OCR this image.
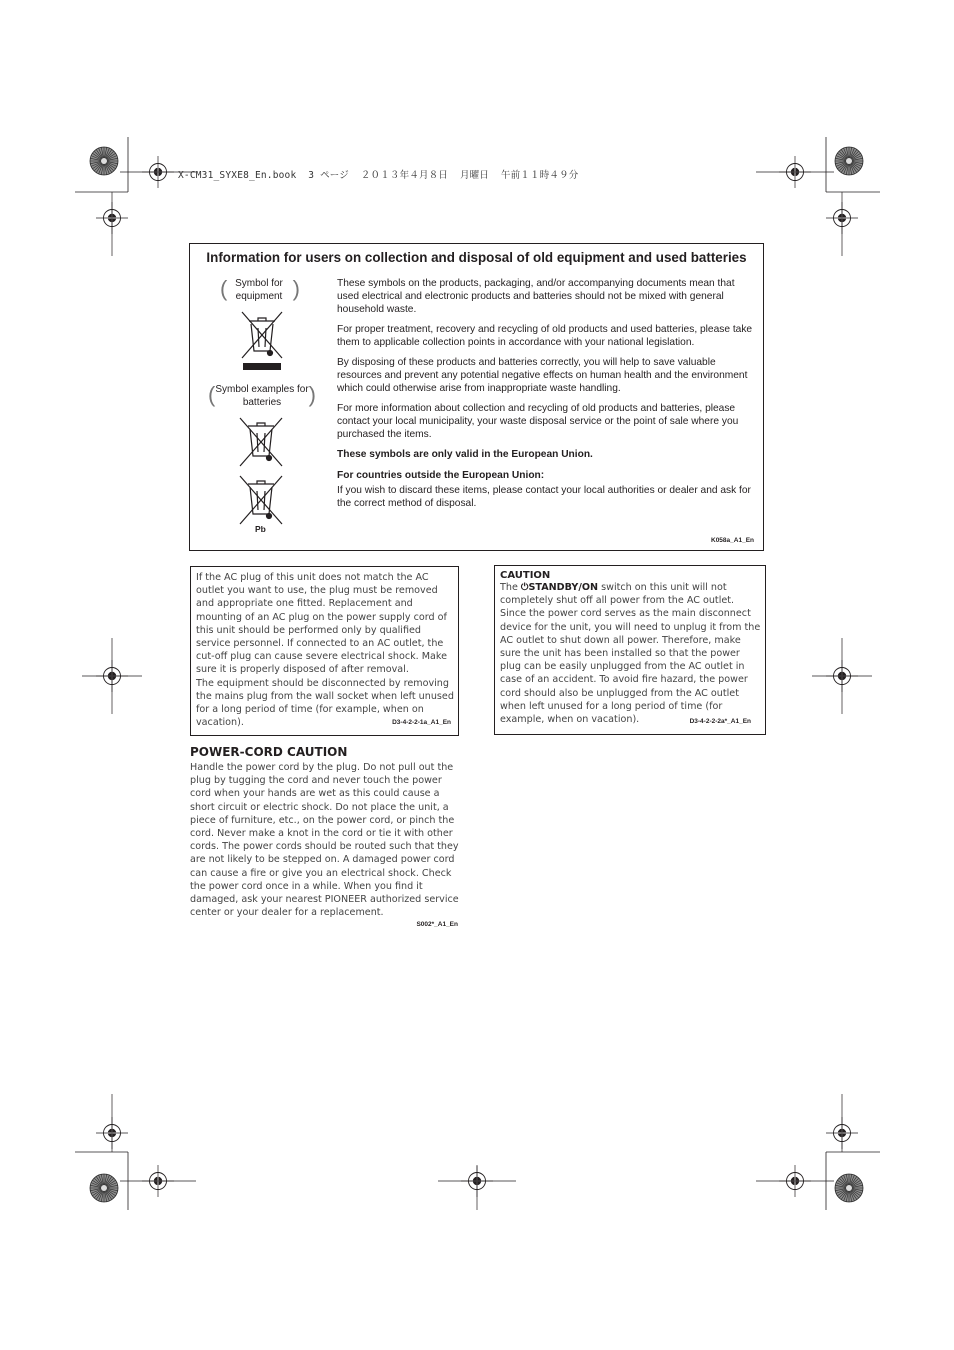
X-CM31_SYXE8_En.book  3 ページ  ２０１３年４月８日  月曜日  午前１１時４９分
Information for users on collection and disposal of old equipment and used batteries
( Symbol for equipment )
( Symbol examples for batteries )
Pb

These symbols on the products, packaging, and/or accompanying documents mean that used electrical and electronic products and batteries should not be mixed with general household waste.

For proper treatment, recovery and recycling of old products and used batteries, please take them to applicable collection points in accordance with your national legislation.

By disposing of these products and batteries correctly, you will help to save valuable resources and prevent any potential negative effects on human health and the environment which could otherwise arise from inappropriate waste handling.

For more information about collection and recycling of old products and batteries, please contact your local municipality, your waste disposal service or the point of sale where you purchased the items.

These symbols are only valid in the European Union.

For countries outside the European Union:

If you wish to discard these items, please contact your local authorities or dealer and ask for the correct method of disposal.

K058a_A1_En

If the AC plug of this unit does not match the AC outlet you want to use, the plug must be removed and appropriate one fitted. Replacement and mounting of an AC plug on the power supply cord of this unit should be performed only by qualified service personnel. If connected to an AC outlet, the cut-off plug can cause severe electrical shock. Make sure it is properly disposed of after removal.

The equipment should be disconnected by removing the mains plug from the wall socket when left unused for a long period of time (for example, when on vacation).	D3-4-2-2-1a_A1_En
CAUTION

The ⏻STANDBY/ON switch on this unit will not completely shut off all power from the AC outlet. Since the power cord serves as the main disconnect device for the unit, you will need to unplug it from the AC outlet to shut down all power. Therefore, make sure the unit has been installed so that the power plug can be easily unplugged from the AC outlet in case of an accident. To avoid fire hazard, the power cord should also be unplugged from the AC outlet when left unused for a long period of time (for example, when on vacation).	D3-4-2-2-2a*_A1_En
POWER-CORD CAUTION
Handle the power cord by the plug. Do not pull out the plug by tugging the cord and never touch the power cord when your hands are wet as this could cause a short circuit or electric shock. Do not place the unit, a piece of furniture, etc., on the power cord, or pinch the cord. Never make a knot in the cord or tie it with other cords. The power cords should be routed such that they are not likely to be stepped on. A damaged power cord can cause a fire or give you an electrical shock. Check the power cord once in a while. When you find it damaged, ask your nearest PIONEER authorized service center or your dealer for a replacement.
S002*_A1_En
